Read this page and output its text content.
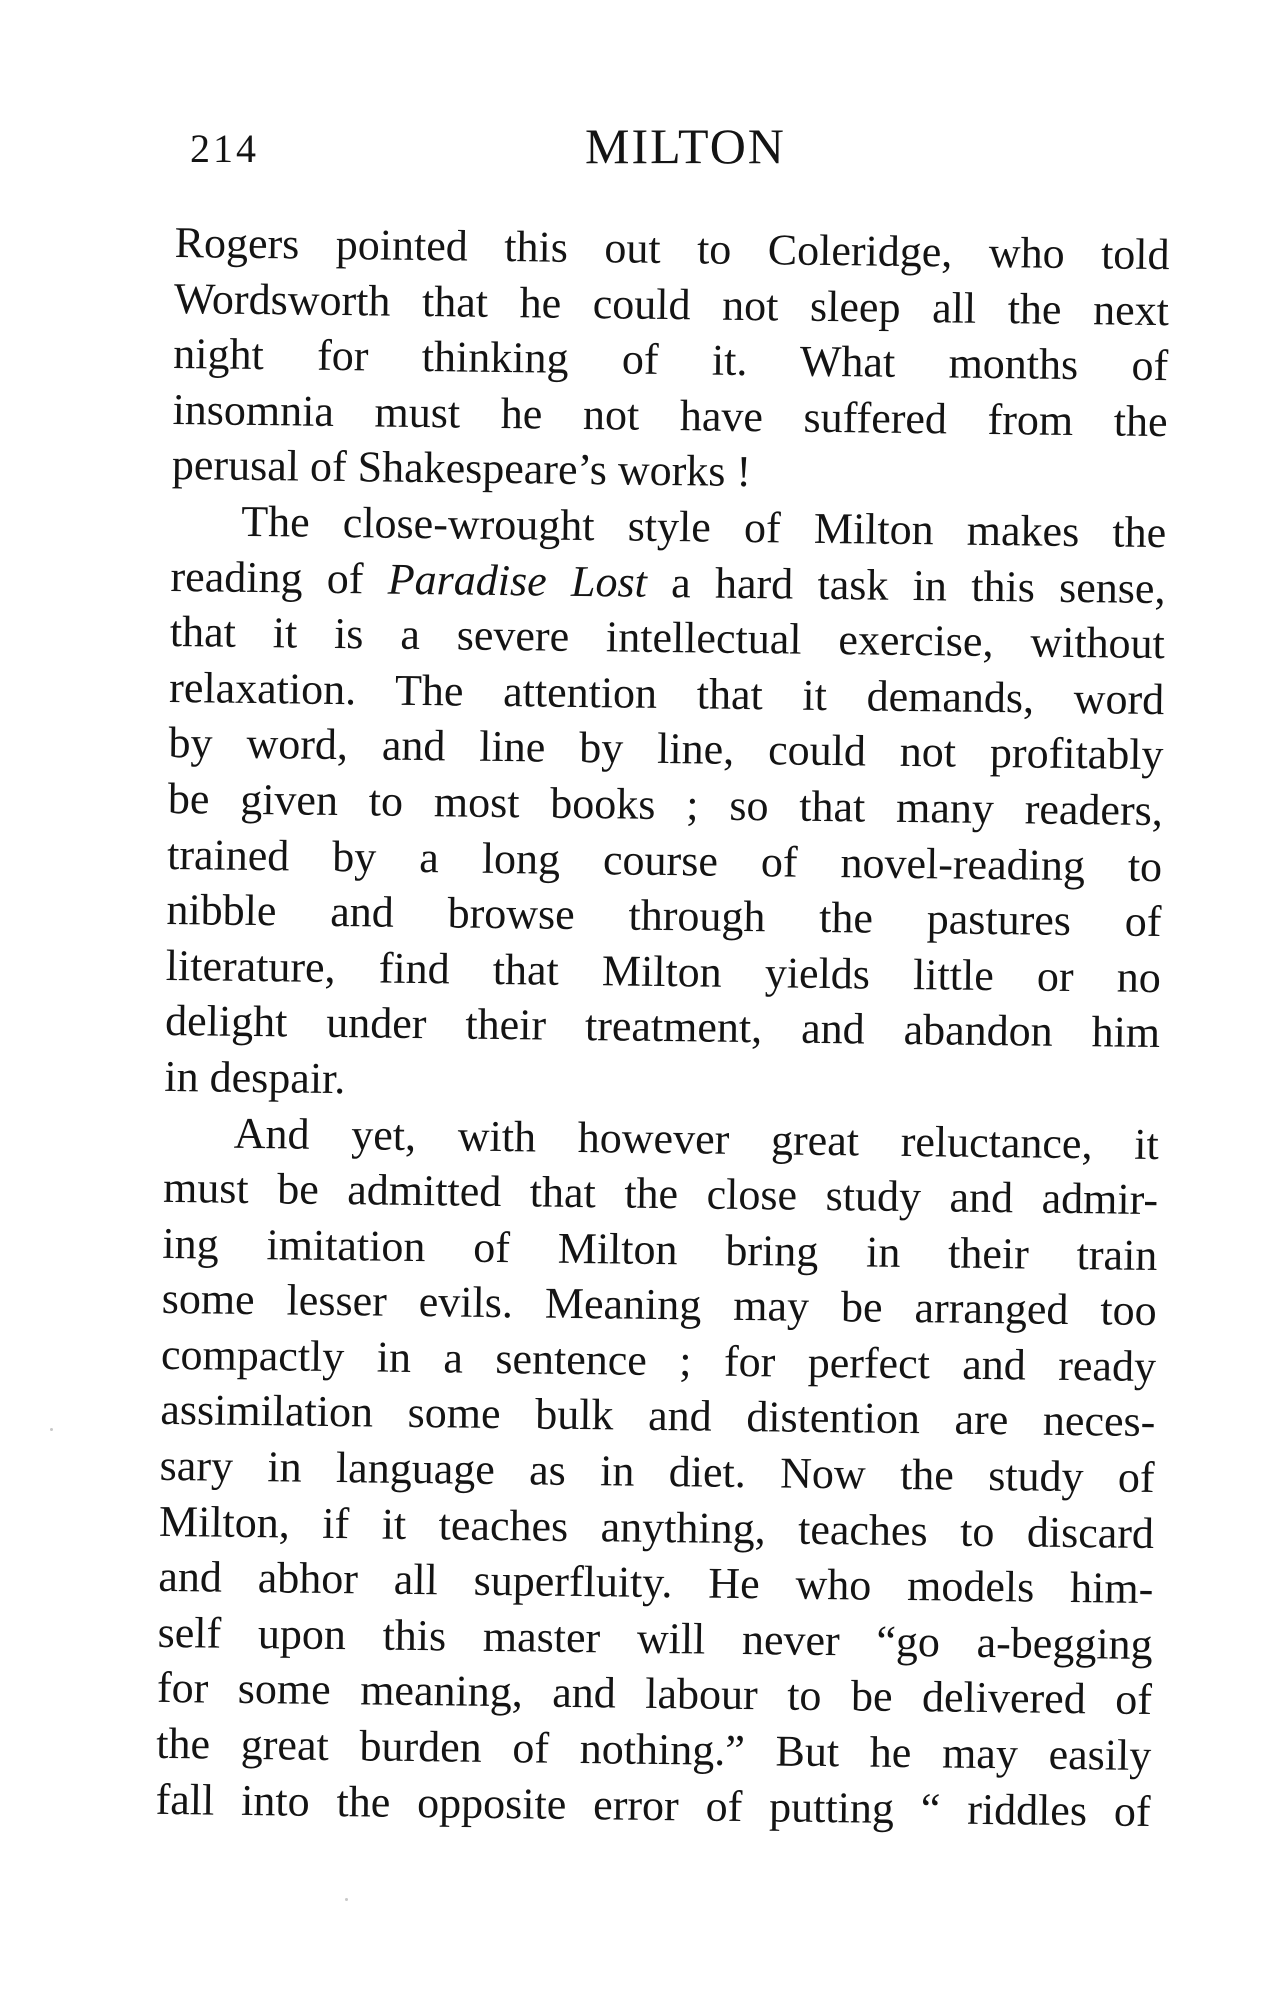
214	MILTON
Rogers pointed this out to Coleridge, who told
Wordsworth that he could not sleep all the next
night for thinking of it. What months of
insomnia must he not have suffered from the
perusal of Shakespeare’s works !
The close-wrought style of Milton makes the
reading of Paradise Lost a hard task in this sense,
that it is a severe intellectual exercise, without
relaxation. The attention that it demands, word
by word, and line by line, could not profitably
be given to most books ; so that many readers,
trained by a long course of novel-reading to
nibble and browse through the pastures of
literature, find that Milton yields little or no
delight under their treatment, and abandon him
in despair.
And yet, with however great reluctance, it
must be admitted that the close study and admir-
ing imitation of Milton bring in their train
some lesser evils. Meaning may be arranged too
compactly in a sentence ; for perfect and ready
assimilation some bulk and distention are neces-
sary in language as in diet. Now the study of
Milton, if it teaches anything, teaches to discard
and abhor all superfluity. He who models him-
self upon this master will never “go a-begging
for some meaning, and labour to be delivered of
the great burden of nothing.” But he may easily
fall into the opposite error of putting “ riddles of
